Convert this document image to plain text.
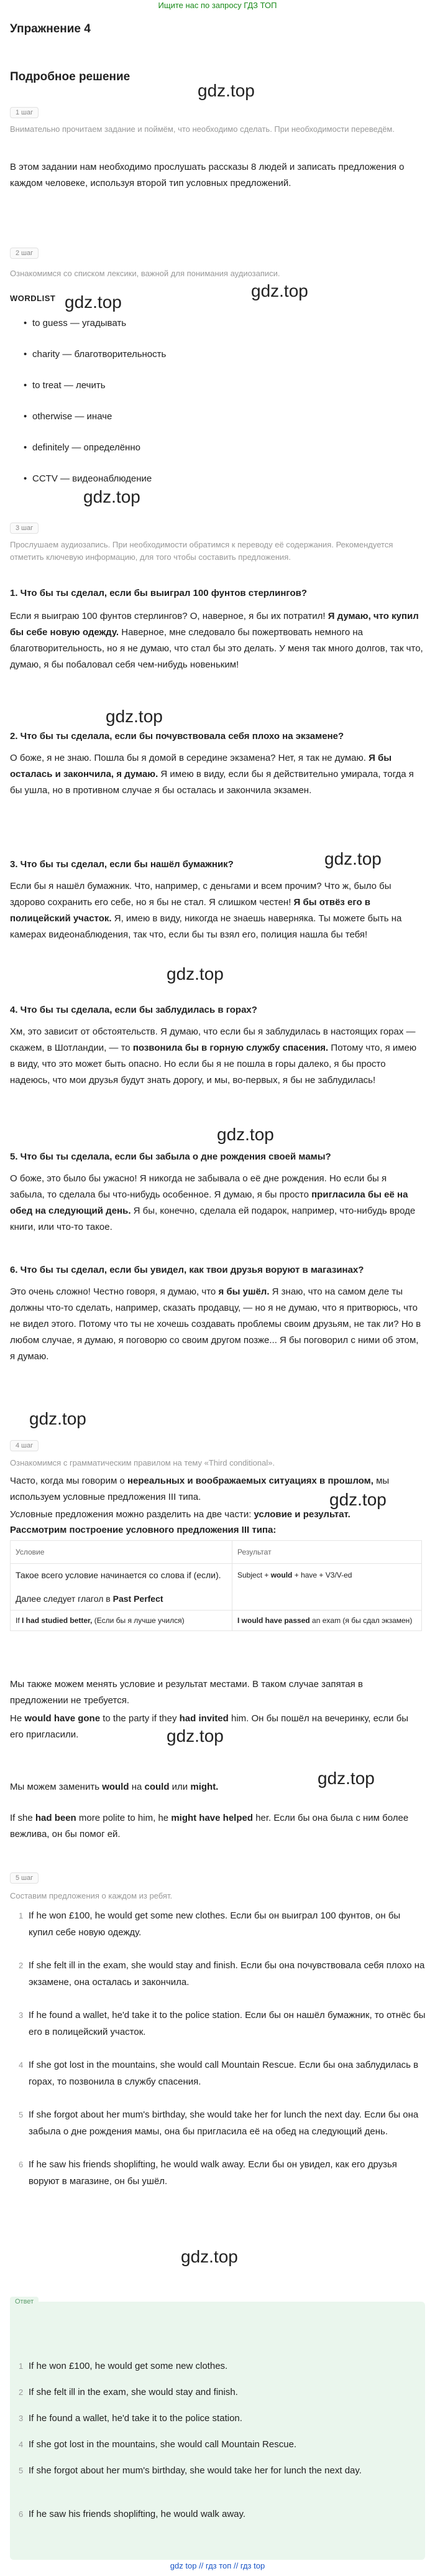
Ищите нас по запросу ГДЗ ТОП
Упражнение 4
Подробное решение
gdz.top
gdz.top
gdz.top
gdz.top
gdz.top
gdz.top
gdz.top
gdz.top
gdz.top
gdz.top
gdz.top
gdz.top
gdz.top
1 шаг
Внимательно прочитаем задание и поймём, что необходимо сделать. При необходимости переведём.
В этом задании нам необходимо прослушать рассказы 8 людей и записать предложения о каждом человеке, используя второй тип условных предложений.
2 шаг
Ознакомимся со списком лексики, важной для понимания аудиозаписи.
WORDLIST
• to guess — угадывать
• charity — благотворительность
• to treat — лечить
• otherwise — иначе
• definitely — определённо
• CCTV — видеонаблюдение
3 шаг
Прослушаем аудиозапись. При необходимости обратимся к переводу её содержания. Рекомендуется отметить ключевую информацию, для того чтобы составить предложения.
1. Что бы ты сделал, если бы выиграл 100 фунтов стерлингов?
Если я выиграю 100 фунтов стерлингов? О, наверное, я бы их потратил! Я думаю, что купил бы себе новую одежду. Наверное, мне следовало бы пожертвовать немного на благотворительность, но я не думаю, что стал бы это делать. У меня так много долгов, так что, думаю, я бы побаловал себя чем-нибудь новеньким!
2. Что бы ты сделала, если бы почувствовала себя плохо на экзамене?
О боже, я не знаю. Пошла бы я домой в середине экзамена? Нет, я так не думаю. Я бы осталась и закончила, я думаю. Я имею в виду, если бы я действительно умирала, тогда я бы ушла, но в противном случае я бы осталась и закончила экзамен.
3. Что бы ты сделал, если бы нашёл бумажник?
Если бы я нашёл бумажник. Что, например, с деньгами и всем прочим? Что ж, было бы здорово сохранить его себе, но я бы не стал. Я слишком честен! Я бы отвёз его в полицейский участок. Я, имею в виду, никогда не знаешь наверняка. Ты можете быть на камерах видеонаблюдения, так что, если бы ты взял его, полиция нашла бы тебя!
4. Что бы ты сделала, если бы заблудилась в горах?
Хм, это зависит от обстоятельств. Я думаю, что если бы я заблудилась в настоящих горах — скажем, в Шотландии, — то позвонила бы в горную службу спасения. Потому что, я имею в виду, что это может быть опасно. Но если бы я не пошла в горы далеко, я бы просто надеюсь, что мои друзья будут знать дорогу, и мы, во-первых, я бы не заблудилась!
5. Что бы ты сделала, если бы забыла о дне рождения своей мамы?
О боже, это было бы ужасно! Я никогда не забывала о её дне рождения. Но если бы я забыла, то сделала бы что-нибудь особенное. Я думаю, я бы просто пригласила бы её на обед на следующий день. Я бы, конечно, сделала ей подарок, например, что-нибудь вроде книги, или что-то такое.
6. Что бы ты сделал, если бы увидел, как твои друзья воруют в магазинах?
Это очень сложно! Честно говоря, я думаю, что я бы ушёл. Я знаю, что на самом деле ты должны что-то сделать, например, сказать продавцу, — но я не думаю, что я притворюсь, что не видел этого. Потому что ты не хочешь создавать проблемы своим друзьям, не так ли? Но в любом случае, я думаю, я поговорю со своим другом позже... Я бы поговорил с ними об этом, я думаю.
4 шаг
Ознакомимся с грамматическим правилом на тему «Third conditional».
Часто, когда мы говорим о нереальных и воображаемых ситуациях в прошлом, мы используем условные предложения III типа.
Условные предложения можно разделить на две части: условие и результат.
Рассмотрим построение условного предложения III типа:
Условие	Результат

Такое всего условие начинается со слова if (если).
Далее следует глагол в Past Perfect	Subject + would + have + V3/V-ed
If I had studied better, (Если бы я лучше учился)	I would have passed an exam (я бы сдал экзамен)
Мы также можем менять условие и результат местами. В таком случае запятая в предложении не требуется.
He would have gone to the party if they had invited him. Он бы пошёл на вечеринку, если бы его пригласили.
Мы можем заменить would на could или might.
If she had been more polite to him, he might have helped her. Если бы она была с ним более вежлива, он бы помог ей.
5 шаг
Составим предложения о каждом из ребят.
1 If he won £100, he would get some new clothes. Если бы он выиграл 100 фунтов, он бы купил себе новую одежду.
2 If she felt ill in the exam, she would stay and finish. Если бы она почувствовала себя плохо на экзамене, она осталась и закончила.
3 If he found a wallet, he'd take it to the police station. Если бы он нашёл бумажник, то отнёс бы его в полицейский участок.
4 If she got lost in the mountains, she would call Mountain Rescue. Если бы она заблудилась в горах, то позвонила в службу спасения.
5 If she forgot about her mum's birthday, she would take her for lunch the next day. Если бы она забыла о дне рождения мамы, она бы пригласила её на обед на следующий день.
6 If he saw his friends shoplifting, he would walk away. Если бы он увидел, как его друзья воруют в магазине, он бы ушёл.
Ответ
1 If he won £100, he would get some new clothes.
2 If she felt ill in the exam, she would stay and finish.
3 If he found a wallet, he'd take it to the police station.
4 If she got lost in the mountains, she would call Mountain Rescue.
5 If she forgot about her mum's birthday, she would take her for lunch the next day.
6 If he saw his friends shoplifting, he would walk away.
gdz top // гдз топ // гдз top
